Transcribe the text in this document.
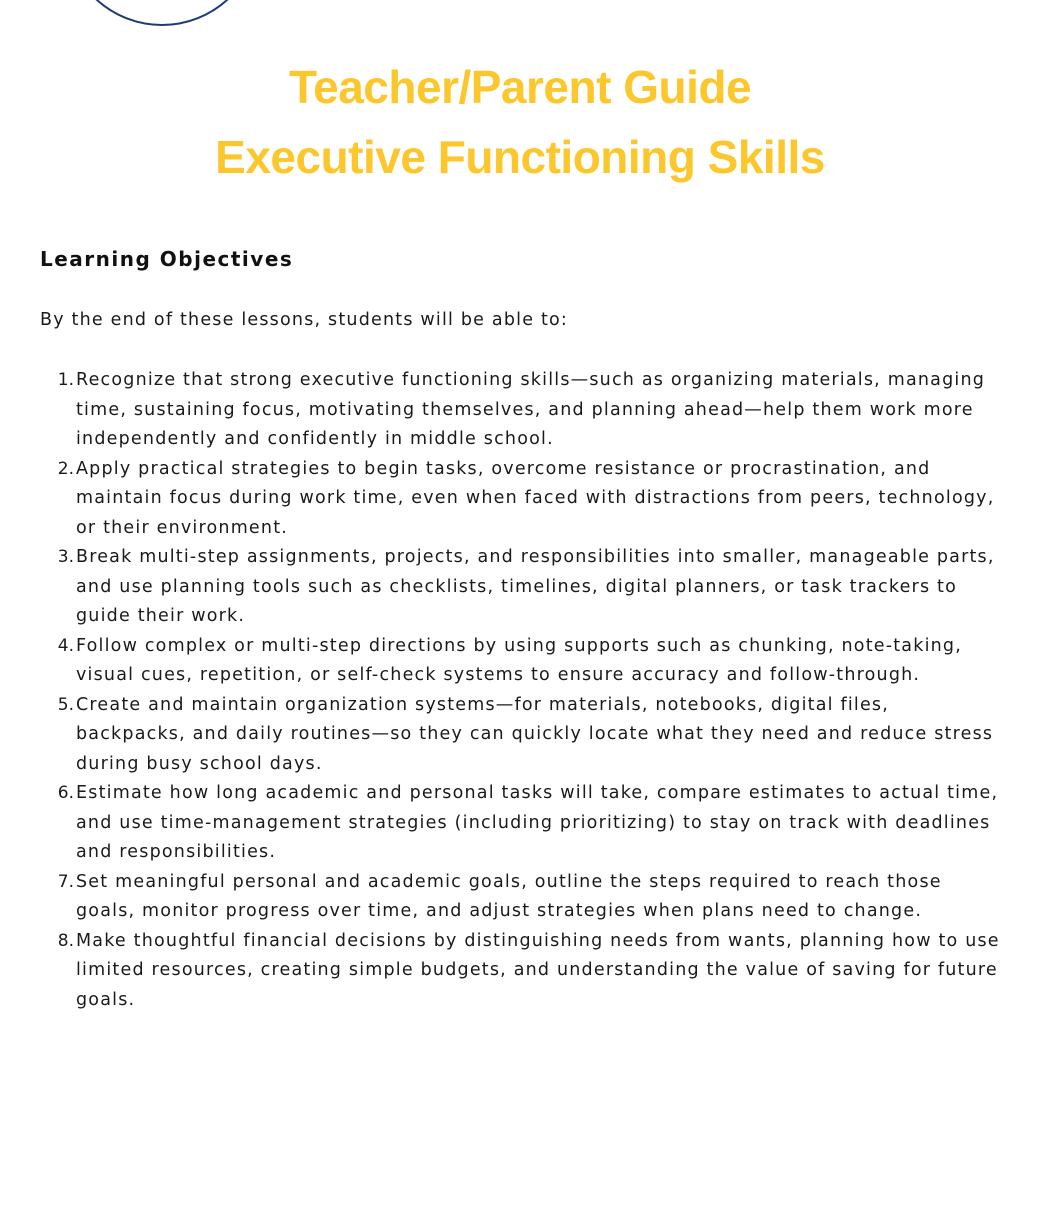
Teacher/Parent Guide
Executive Functioning Skills
Learning Objectives

By the end of these lessons, students will be able to:

1. Recognize that strong executive functioning skills—such as organizing materials, managing time, sustaining focus, motivating themselves, and planning ahead—help them work more independently and confidently in middle school.
2. Apply practical strategies to begin tasks, overcome resistance or procrastination, and maintain focus during work time, even when faced with distractions from peers, technology, or their environment.
3. Break multi-step assignments, projects, and responsibilities into smaller, manageable parts, and use planning tools such as checklists, timelines, digital planners, or task trackers to guide their work.
4. Follow complex or multi-step directions by using supports such as chunking, note-taking, visual cues, repetition, or self-check systems to ensure accuracy and follow-through.
5. Create and maintain organization systems—for materials, notebooks, digital files, backpacks, and daily routines—so they can quickly locate what they need and reduce stress during busy school days.
6. Estimate how long academic and personal tasks will take, compare estimates to actual time, and use time-management strategies (including prioritizing) to stay on track with deadlines and responsibilities.
7. Set meaningful personal and academic goals, outline the steps required to reach those goals, monitor progress over time, and adjust strategies when plans need to change.
8. Make thoughtful financial decisions by distinguishing needs from wants, planning how to use limited resources, creating simple budgets, and understanding the value of saving for future goals.
